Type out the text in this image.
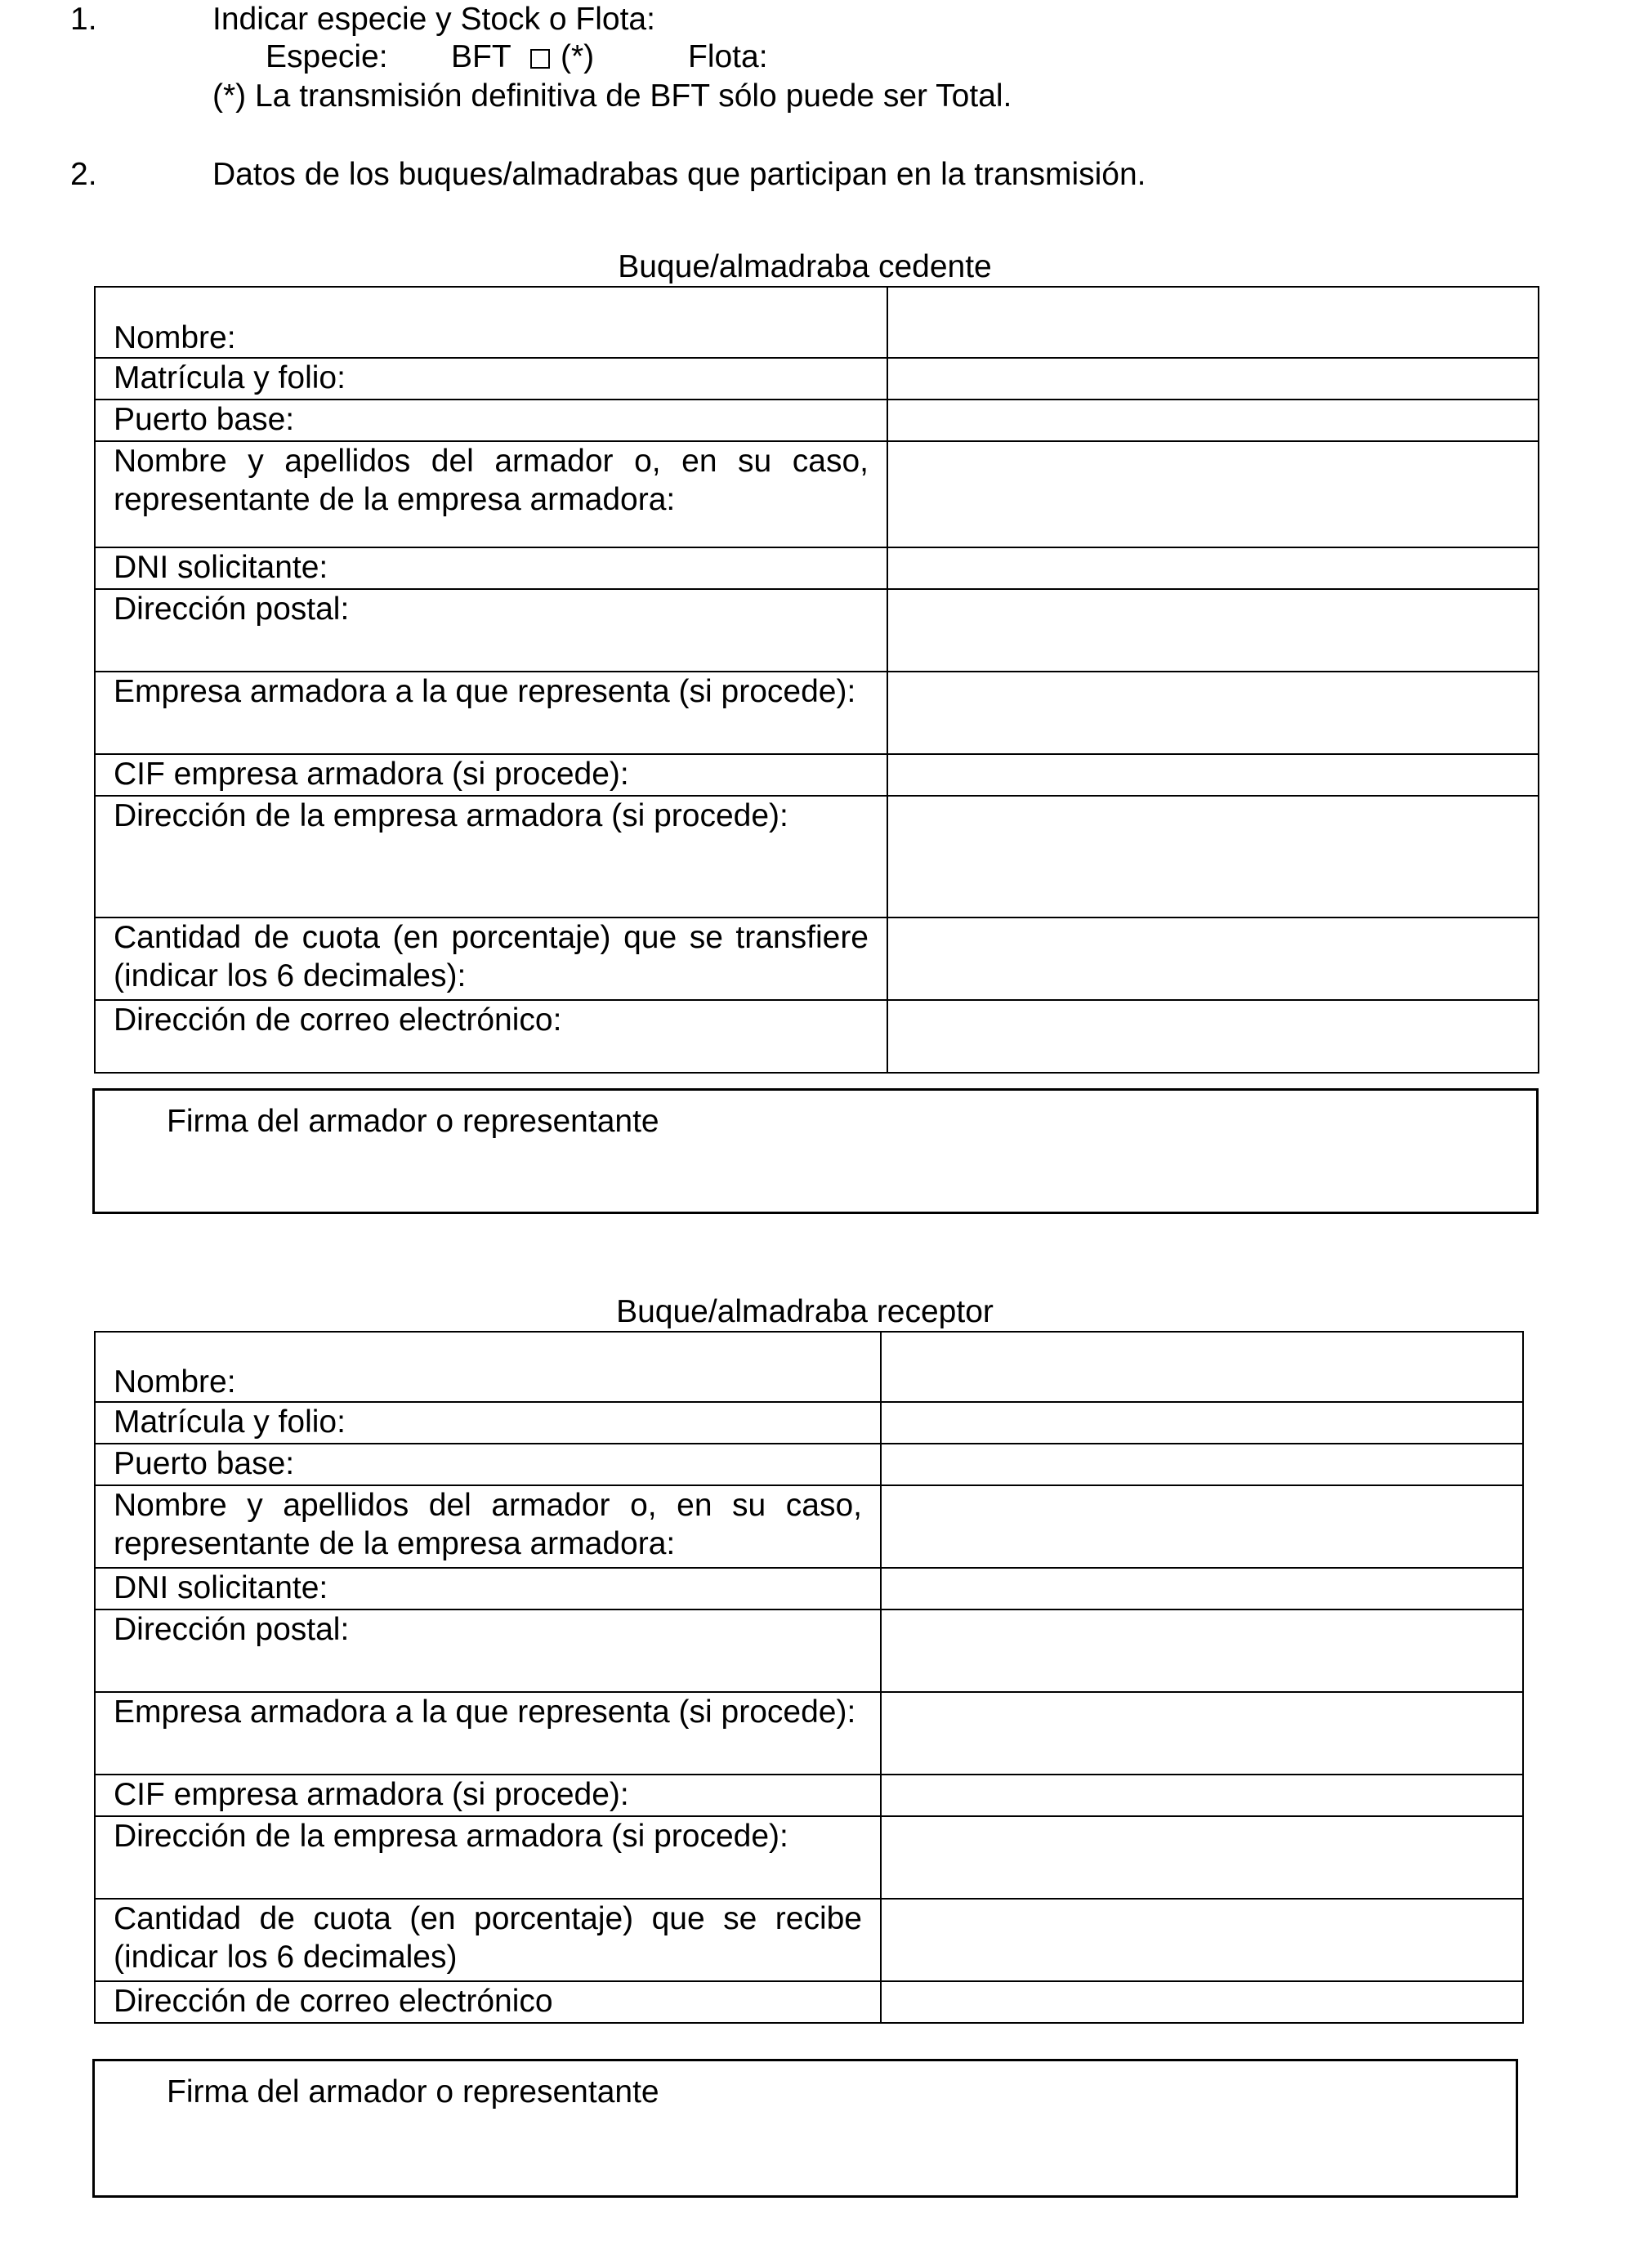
1.	Indicar especie y Stock o Flota:
Especie: BFT (*)	Flota:
(*) La transmisión definitiva de BFT sólo puede ser Total.
2.	Datos de los buques/almadrabas que participan en la transmisión.
Buque/almadraba cedente
Nombre:	
Matrícula y folio:	
Puerto base:	
Nombre y apellidos del armador o, en su caso, representante de la empresa armadora:	
DNI solicitante:	
Dirección postal:	
Empresa armadora a la que representa (si procede):	
CIF empresa armadora (si procede):	
Dirección de la empresa armadora (si procede):	
Cantidad de cuota (en porcentaje) que se transfiere (indicar los 6 decimales):	
Dirección de correo electrónico:	
Firma del armador o representante
Buque/almadraba receptor
Nombre:	
Matrícula y folio:	
Puerto base:	
Nombre y apellidos del armador o, en su caso, representante de la empresa armadora:	
DNI solicitante:	
Dirección postal:	
Empresa armadora a la que representa (si procede):	
CIF empresa armadora (si procede):	
Dirección de la empresa armadora (si procede):	
Cantidad de cuota (en porcentaje) que se recibe (indicar los 6 decimales)	
Dirección de correo electrónico	
Firma del armador o representante
